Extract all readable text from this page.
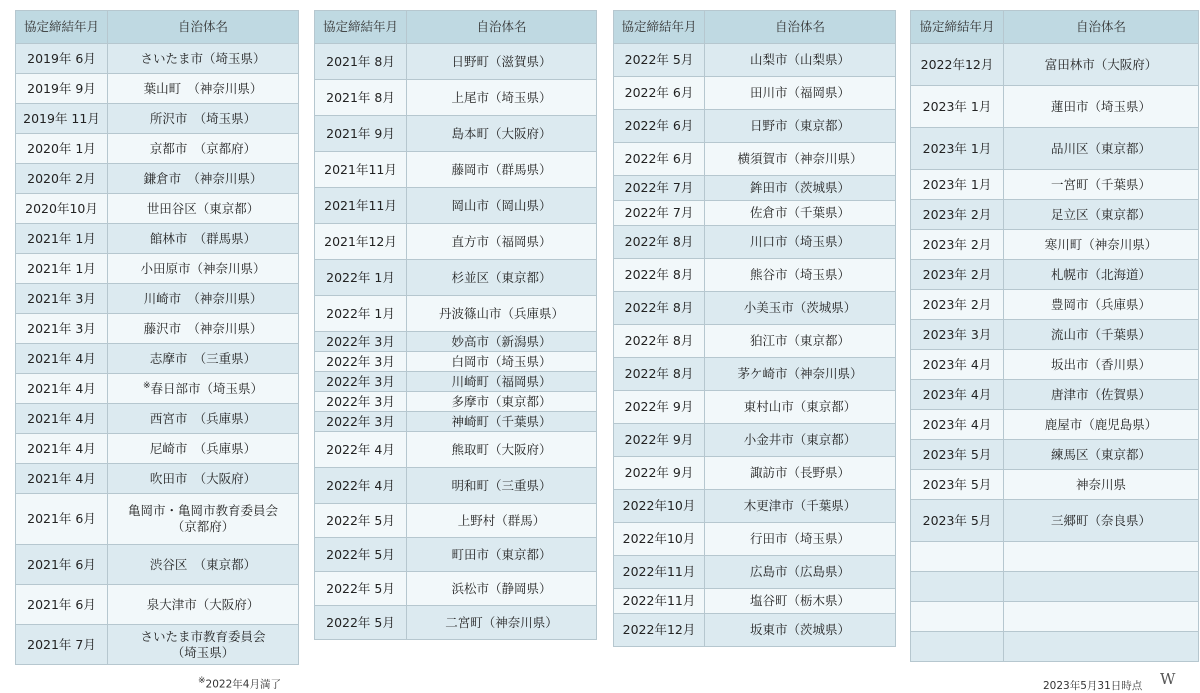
協定締結年月	自治体名
2019年 6月	さいたま市（埼玉県）
2019年 9月	葉山町　（神奈川県）
2019年 11月	所沢市　（埼玉県）
2020年 1月	京都市　（京都府）
2020年 2月	鎌倉市　（神奈川県）
2020年10月	世田谷区（東京都）
2021年 1月	館林市　（群馬県）
2021年 1月	小田原市（神奈川県）
2021年 3月	川崎市　（神奈川県）
2021年 3月	藤沢市　（神奈川県）
2021年 4月	志摩市　（三重県）
2021年 4月	※春日部市（埼玉県）
2021年 4月	西宮市　（兵庫県）
2021年 4月	尼崎市　（兵庫県）
2021年 4月	吹田市　（大阪府）
2021年 6月	亀岡市・亀岡市教育委員会
（京都府）
2021年 6月	渋谷区　（東京都）
2021年 6月	泉大津市（大阪府）
2021年 7月	さいたま市教育委員会
（埼玉県）
協定締結年月	自治体名
2021年 8月	日野町（滋賀県）
2021年 8月	上尾市（埼玉県）
2021年 9月	島本町（大阪府）
2021年11月	藤岡市（群馬県）
2021年11月	岡山市（岡山県）
2021年12月	直方市（福岡県）
2022年 1月	杉並区（東京都）
2022年 1月	丹波篠山市（兵庫県）
2022年 3月	妙高市（新潟県）
2022年 3月	白岡市（埼玉県）
2022年 3月	川崎町（福岡県）
2022年 3月	多摩市（東京都）
2022年 3月	神崎町（千葉県）
2022年 4月	熊取町（大阪府）
2022年 4月	明和町（三重県）
2022年 5月	上野村（群馬）
2022年 5月	町田市（東京都）
2022年 5月	浜松市（静岡県）
2022年 5月	二宮町（神奈川県）
協定締結年月	自治体名
2022年 5月	山梨市（山梨県）
2022年 6月	田川市（福岡県）
2022年 6月	日野市（東京都）
2022年 6月	横須賀市（神奈川県）
2022年 7月	鉾田市（茨城県）
2022年 7月	佐倉市（千葉県）
2022年 8月	川口市（埼玉県）
2022年 8月	熊谷市（埼玉県）
2022年 8月	小美玉市（茨城県）
2022年 8月	狛江市（東京都）
2022年 8月	茅ケ崎市（神奈川県）
2022年 9月	東村山市（東京都）
2022年 9月	小金井市（東京都）
2022年 9月	諏訪市（長野県）
2022年10月	木更津市（千葉県）
2022年10月	行田市（埼玉県）
2022年11月	広島市（広島県）
2022年11月	塩谷町（栃木県）
2022年12月	坂東市（茨城県）
協定締結年月	自治体名
2022年12月	富田林市（大阪府）
2023年 1月	蓮田市（埼玉県）
2023年 1月	品川区（東京都）
2023年 1月	一宮町（千葉県）
2023年 2月	足立区（東京都）
2023年 2月	寒川町（神奈川県）
2023年 2月	札幌市（北海道）
2023年 2月	豊岡市（兵庫県）
2023年 3月	流山市（千葉県）
2023年 4月	坂出市（香川県）
2023年 4月	唐津市（佐賀県）
2023年 4月	鹿屋市（鹿児島県）
2023年 5月	練馬区（東京都）
2023年 5月	神奈川県
2023年 5月	三郷町（奈良県）

※2022年4月満了	2023年5月31日時点 W
